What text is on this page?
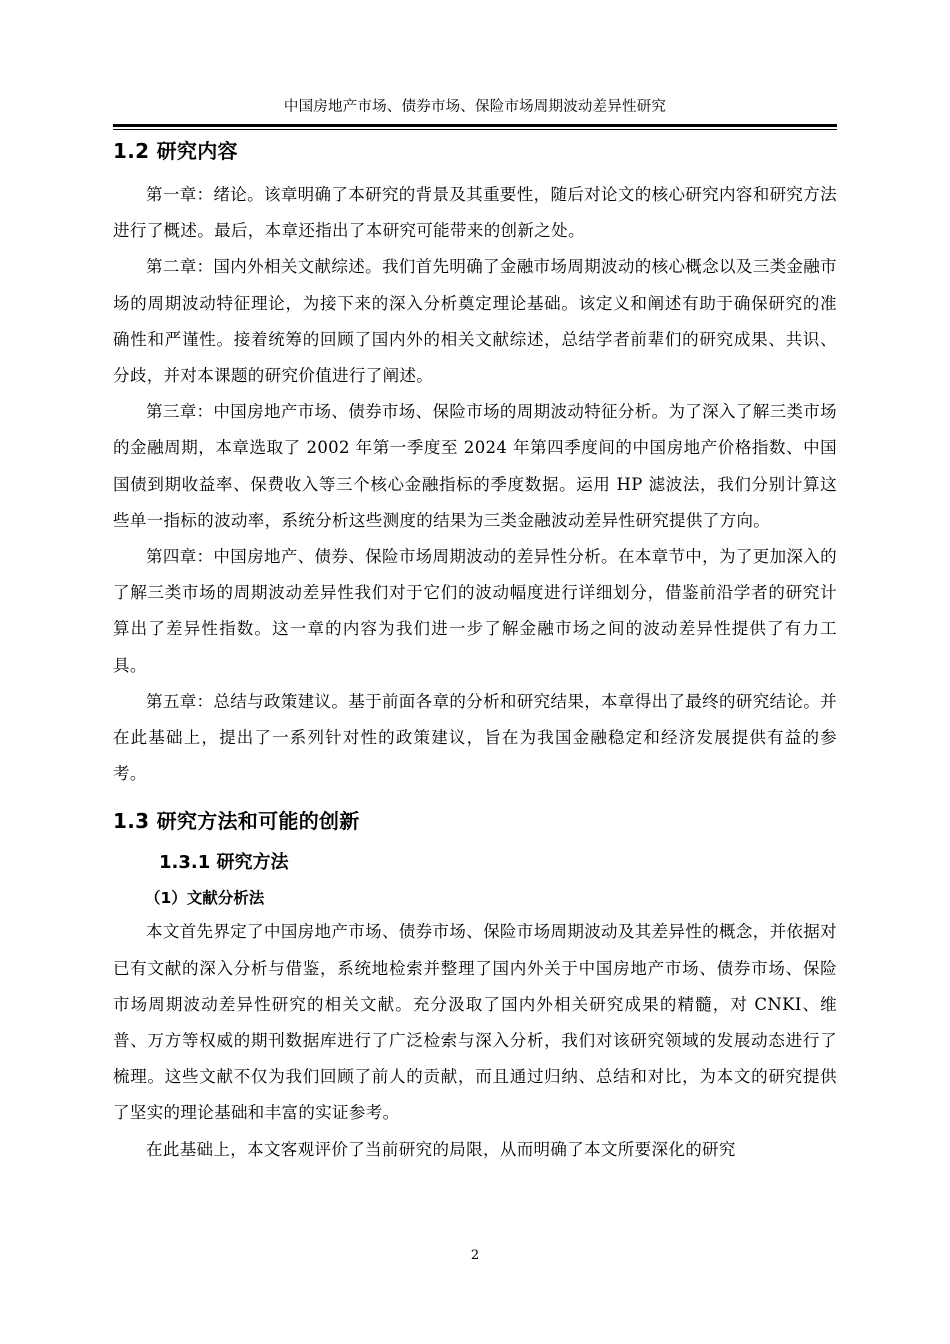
中国房地产市场、债券市场、保险市场周期波动差异性研究
1.2 研究内容

第一章：绪论。该章明确了本研究的背景及其重要性，随后对论文的核心研究内容和研究方法进行了概述。最后，本章还指出了本研究可能带来的创新之处。

第二章：国内外相关文献综述。我们首先明确了金融市场周期波动的核心概念以及三类金融市场的周期波动特征理论，为接下来的深入分析奠定理论基础。该定义和阐述有助于确保研究的准确性和严谨性。接着统筹的回顾了国内外的相关文献综述，总结学者前辈们的研究成果、共识、分歧，并对本课题的研究价值进行了阐述。

第三章：中国房地产市场、债券市场、保险市场的周期波动特征分析。为了深入了解三类市场的金融周期，本章选取了 2002 年第一季度至 2024 年第四季度间的中国房地产价格指数、中国国债到期收益率、保费收入等三个核心金融指标的季度数据。运用 HP 滤波法，我们分别计算这些单一指标的波动率，系统分析这些测度的结果为三类金融波动差异性研究提供了方向。

第四章：中国房地产、债券、保险市场周期波动的差异性分析。在本章节中，为了更加深入的了解三类市场的周期波动差异性我们对于它们的波动幅度进行详细划分，借鉴前沿学者的研究计算出了差异性指数。这一章的内容为我们进一步了解金融市场之间的波动差异性提供了有力工具。

第五章：总结与政策建议。基于前面各章的分析和研究结果，本章得出了最终的研究结论。并在此基础上，提出了一系列针对性的政策建议，旨在为我国金融稳定和经济发展提供有益的参考。

1.3 研究方法和可能的创新
1.3.1 研究方法
（1）文献分析法

本文首先界定了中国房地产市场、债券市场、保险市场周期波动及其差异性的概念，并依据对已有文献的深入分析与借鉴，系统地检索并整理了国内外关于中国房地产市场、债券市场、保险市场周期波动差异性研究的相关文献。充分汲取了国内外相关研究成果的精髓，对 CNKI、维普、万方等权威的期刊数据库进行了广泛检索与深入分析，我们对该研究领域的发展动态进行了梳理。这些文献不仅为我们回顾了前人的贡献，而且通过归纳、总结和对比，为本文的研究提供了坚实的理论基础和丰富的实证参考。

在此基础上，本文客观评价了当前研究的局限，从而明确了本文所要深化的研究

2
